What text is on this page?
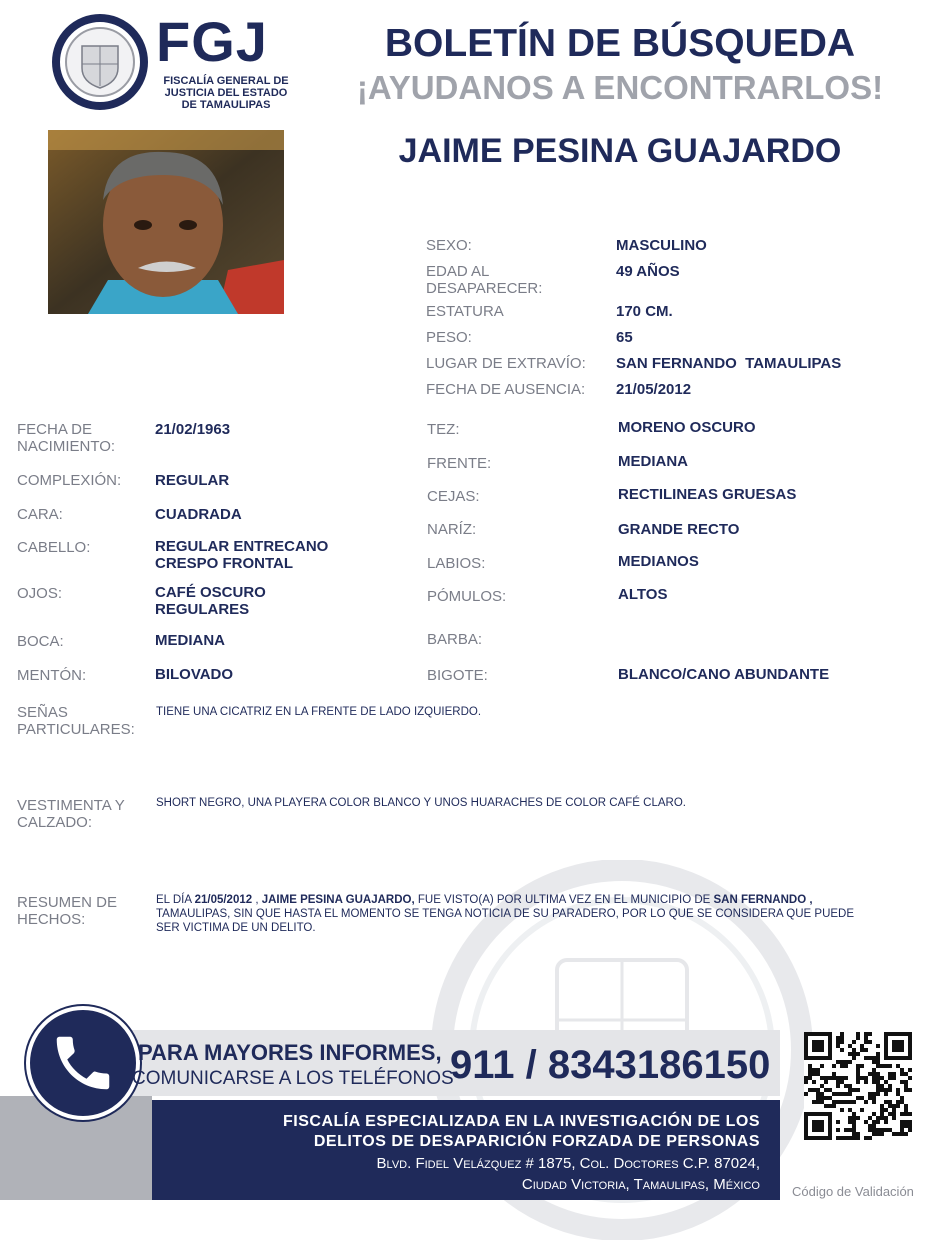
FGJ
FISCALÍA GENERAL DE
JUSTICIA DEL ESTADO
DE TAMAULIPAS
BOLETÍN DE BÚSQUEDA
¡AYUDANOS A ENCONTRARLOS!
JAIME PESINA GUAJARDO
SEXO:	MASCULINO
EDAD AL DESAPARECER:
49 AÑOS
ESTATURA	170 CM.
PESO:	65
LUGAR DE EXTRAVÍO: SAN FERNANDO  TAMAULIPAS
FECHA DE AUSENCIA: 21/05/2012
FECHA DE NACIMIENTO:
21/02/1963
COMPLEXIÓN: REGULAR
CARA:	CUADRADA
CABELLO:	REGULAR ENTRECANO CRESPO FRONTAL
OJOS:	CAFÉ OSCURO REGULARES
BOCA:	MEDIANA
MENTÓN:	BILOVADO
TEZ:	MORENO OSCURO
FRENTE:	MEDIANA
CEJAS:	RECTILINEAS GRUESAS
NARÍZ:	GRANDE RECTO
LABIOS:	MEDIANOS
PÓMULOS:	ALTOS
BARBA:
BIGOTE:	BLANCO/CANO ABUNDANTE
SEÑAS PARTICULARES:
TIENE UNA CICATRIZ EN LA FRENTE DE LADO IZQUIERDO.
VESTIMENTA Y CALZADO:
SHORT NEGRO, UNA PLAYERA COLOR BLANCO Y UNOS HUARACHES DE COLOR CAFÉ CLARO.
RESUMEN DE HECHOS:
EL DÍA 21/05/2012 , JAIME PESINA GUAJARDO, FUE VISTO(A) POR ULTIMA VEZ EN EL MUNICIPIO DE SAN FERNANDO , TAMAULIPAS, SIN QUE HASTA EL MOMENTO SE TENGA NOTICIA DE SU PARADERO, POR LO QUE SE CONSIDERA QUE PUEDE SER VICTIMA DE UN DELITO.
PARA MAYORES INFORMES,
COMUNICARSE A LOS TELÉFONOS
911 / 8343186150
FISCALÍA ESPECIALIZADA EN LA INVESTIGACIÓN DE LOS
DELITOS DE DESAPARICIÓN FORZADA DE PERSONAS
Blvd. Fidel Velázquez # 1875, Col. Doctores C.P. 87024,
Ciudad Victoria, Tamaulipas, México Código de Validación
